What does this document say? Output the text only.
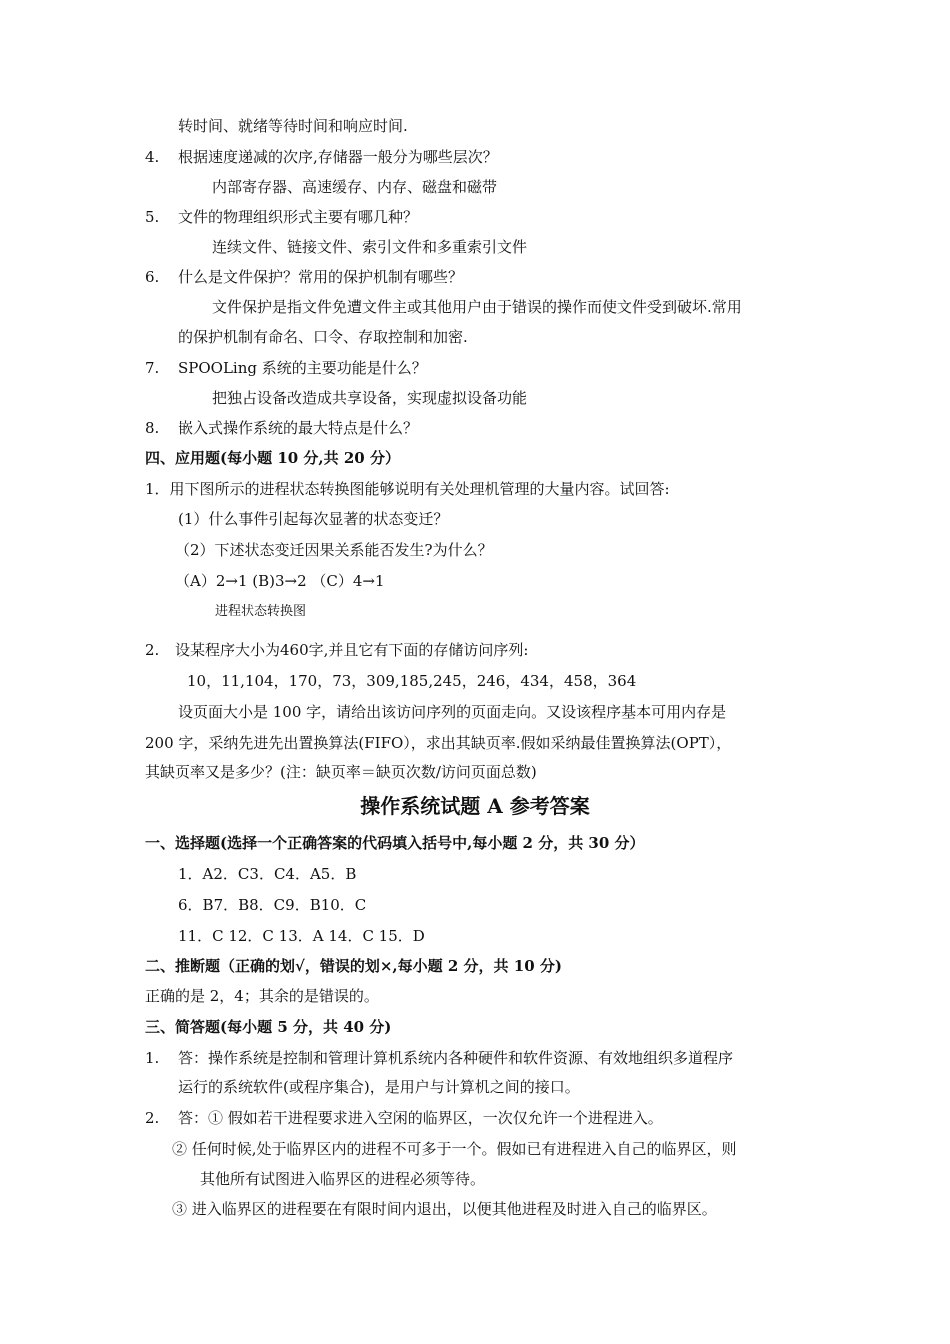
转时间、就绪等待时间和响应时间.
4. 根据速度递减的次序,存储器一般分为哪些层次？
内部寄存器、高速缓存、内存、磁盘和磁带
5. 文件的物理组织形式主要有哪几种？
连续文件、链接文件、索引文件和多重索引文件
6. 什么是文件保护？常用的保护机制有哪些？
文件保护是指文件免遭文件主或其他用户由于错误的操作而使文件受到破坏.常用
的保护机制有命名、口令、存取控制和加密.
7. SPOOLing 系统的主要功能是什么？
把独占设备改造成共享设备，实现虚拟设备功能
8. 嵌入式操作系统的最大特点是什么？
四、应用题(每小题 10 分,共 20 分）
1．用下图所示的进程状态转换图能够说明有关处理机管理的大量内容。试回答:
(1）什么事件引起每次显著的状态变迁？
（2）下述状态变迁因果关系能否发生?为什么？
（A）2→1 (B)3→2 （C）4→1
进程状态转换图
2. 设某程序大小为460字,并且它有下面的存储访问序列:
10，11,104，170，73，309,185,245，246，434，458，364
设页面大小是 100 字，请给出该访问序列的页面走向。又设该程序基本可用内存是
200 字，采纳先进先出置换算法(FIFO），求出其缺页率.假如采纳最佳置换算法(OPT），
其缺页率又是多少？(注：缺页率＝缺页次数/访问页面总数)
操作系统试题 A 参考答案
一、选择题(选择一个正确答案的代码填入括号中,每小题 2 分，共 30 分）
1．A2．C3．C4．A5．B
6．B7．B8．C9．B10．C
11．C 12．C 13．A 14．C 15．D
二、推断题（正确的划√，错误的划×,每小题 2 分，共 10 分)
正确的是 2，4；其余的是错误的。
三、简答题(每小题 5 分，共 40 分)
1. 答：操作系统是控制和管理计算机系统内各种硬件和软件资源、有效地组织多道程序
运行的系统软件(或程序集合)，是用户与计算机之间的接口。
2. 答：① 假如若干进程要求进入空闲的临界区，一次仅允许一个进程进入。
② 任何时候,处于临界区内的进程不可多于一个。假如已有进程进入自己的临界区，则
其他所有试图进入临界区的进程必须等待。
③ 进入临界区的进程要在有限时间内退出，以便其他进程及时进入自己的临界区。
